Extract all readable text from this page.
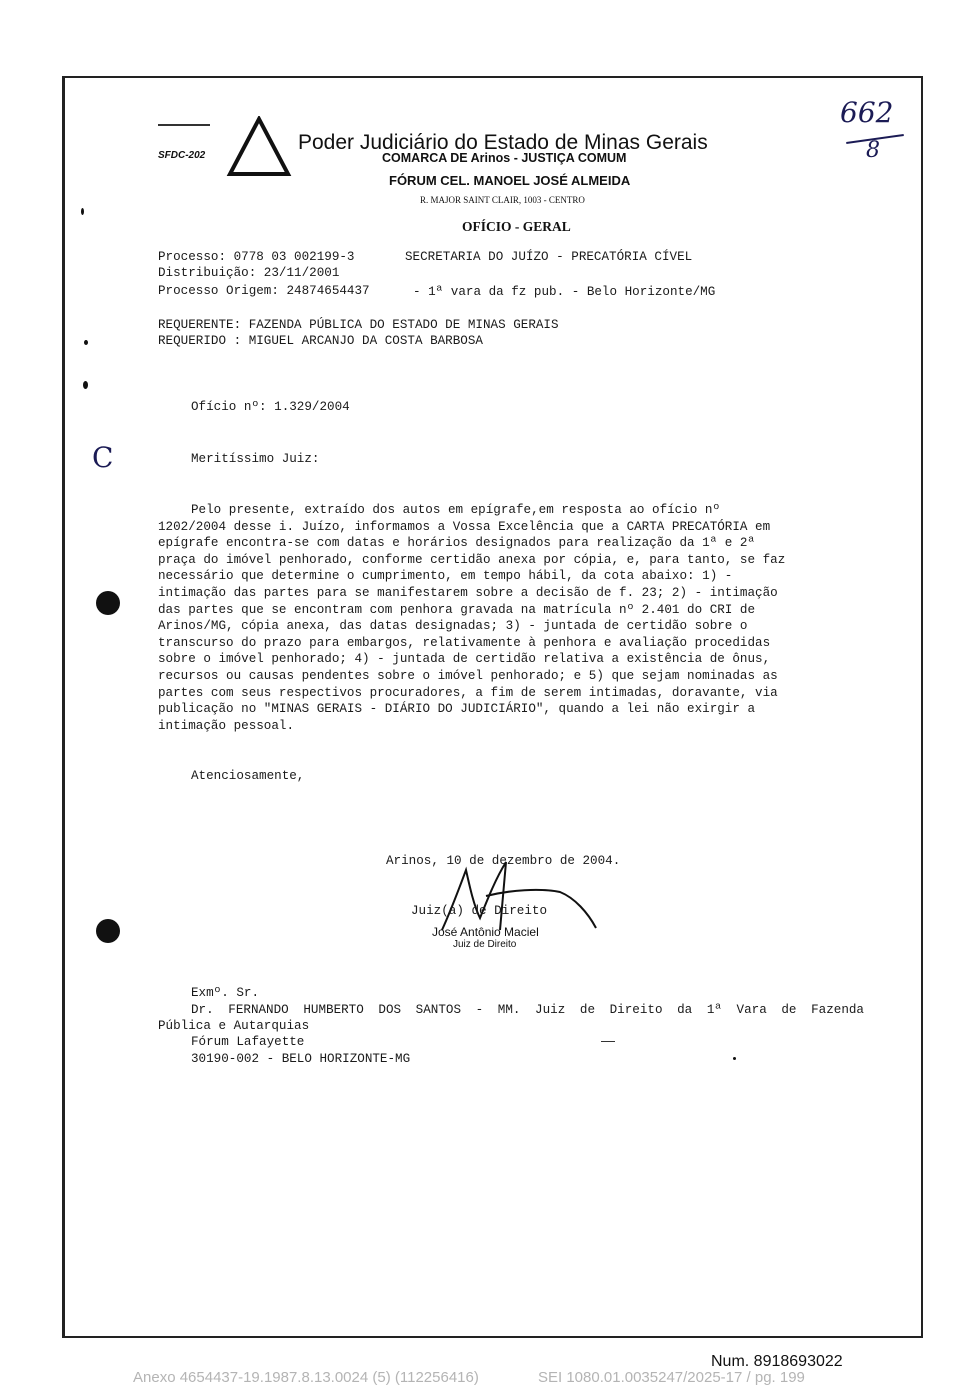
SFDC-202
Poder Judiciário do Estado de Minas Gerais
COMARCA DE Arinos - JUSTIÇA COMUM
FÓRUM CEL. MANOEL JOSÉ ALMEIDA
R. MAJOR SAINT CLAIR, 1003 - CENTRO
OFÍCIO - GERAL
662
8
C
Processo: 0778 03 002199-3	SECRETARIA DO JUÍZO - PRECATÓRIA CÍVEL
Distribuição: 23/11/2001
Processo Origem: 24874654437	- 1ª vara da fz pub. - Belo Horizonte/MG
REQUERENTE: FAZENDA PÚBLICA DO ESTADO DE MINAS GERAIS
REQUERIDO : MIGUEL ARCANJO DA COSTA BARBOSA
Ofício nº: 1.329/2004
Meritíssimo Juiz:

Pelo presente, extraído dos autos em epígrafe,em resposta ao ofício nº

1202/2004 desse i. Juízo, informamos a Vossa Excelência que a CARTA PRECATÓRIA em

epígrafe encontra-se com datas e horários designados para realização da 1ª e 2ª

praça do imóvel penhorado, conforme certidão anexa por cópia, e, para tanto, se faz

necessário que determine o cumprimento, em tempo hábil, da cota abaixo: 1) -

intimação das partes para se manifestarem sobre a decisão de f. 23; 2) - intimação

das partes que se encontram com penhora gravada na matrícula nº 2.401 do CRI de

Arinos/MG, cópia anexa, das datas designadas; 3) - juntada de certidão sobre o

transcurso do prazo para embargos, relativamente à penhora e avaliação procedidas

sobre o imóvel penhorado; 4) - juntada de certidão relativa a existência de ônus,

recursos ou causas pendentes sobre o imóvel penhorado; e 5) que sejam nominadas as

partes com seus respectivos procuradores, a fim de serem intimadas, doravante, via

publicação no "MINAS GERAIS - DIÁRIO DO JUDICIÁRIO", quando a lei não exirgir a

intimação pessoal.

Atenciosamente,
Arinos, 10 de dezembro de 2004.
Juiz(a) de Direito
José Antônio Maciel
Juiz de Direito
Exmº. Sr.
Dr. FERNANDO HUMBERTO DOS SANTOS - MM. Juiz de Direito da 1ª Vara de Fazenda
Pública e Autarquias
Fórum Lafayette
30190-002 - BELO HORIZONTE-MG
Num. 8918693022
Anexo 4654437-19.1987.8.13.0024 (5) (112256416)	SEI 1080.01.0035247/2025-17 / pg. 199
